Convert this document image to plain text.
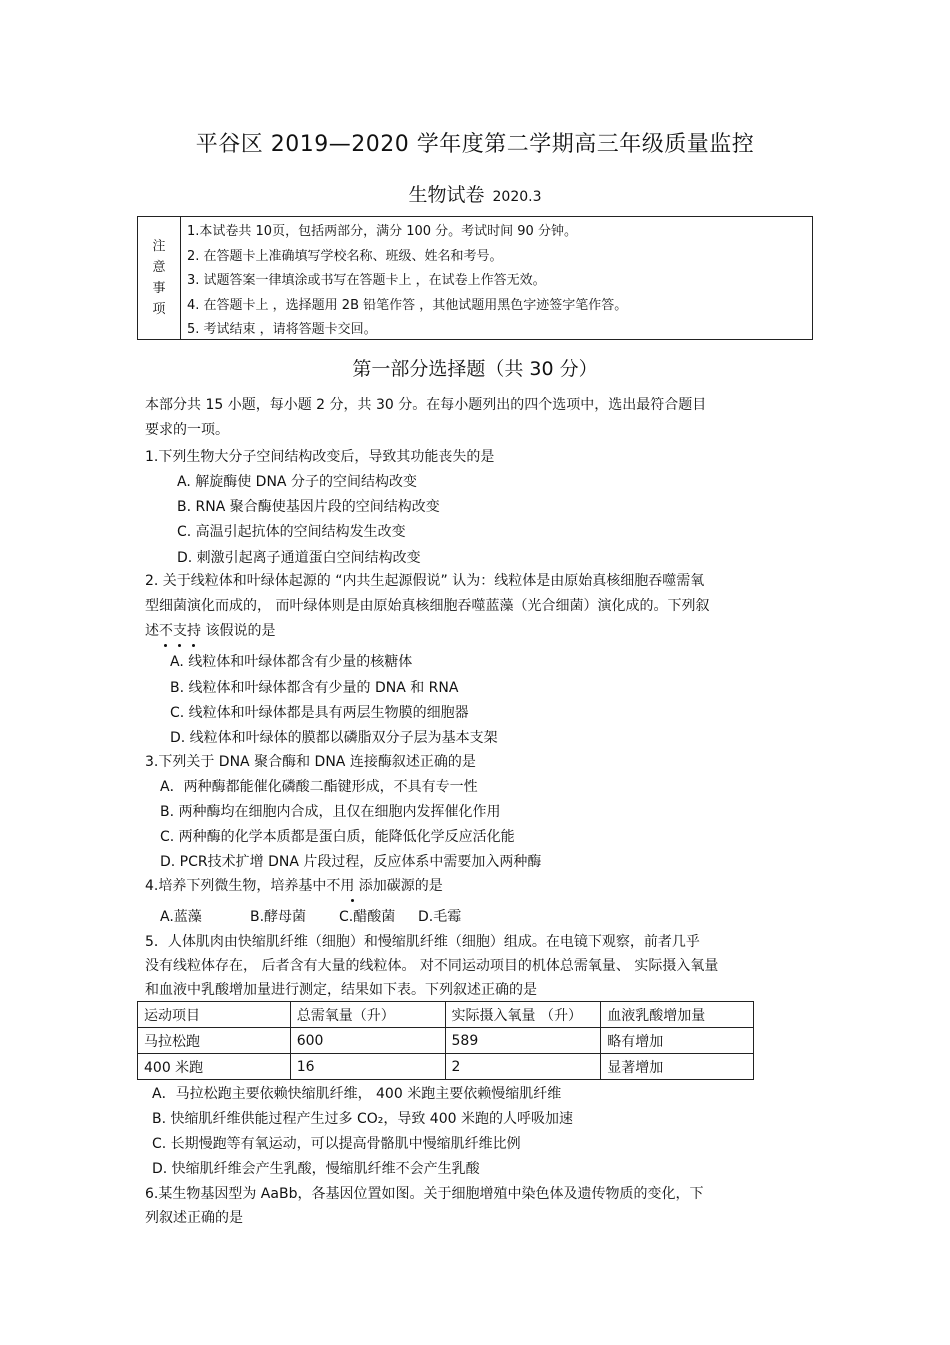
平谷区 2019—2020 学年度第二学期高三年级质量监控
生物试卷 2020.3
注
意
事
项
1.本试卷共 10页，包括两部分，满分 100 分。考试时间 90 分钟。
2. 在答题卡上准确填写学校名称、班级、姓名和考号。
3. 试题答案一律填涂或书写在答题卡上 ，在试卷上作答无效。
4. 在答题卡上 ，选择题用 2B 铅笔作答 ，其他试题用黑色字迹签字笔作答。
5. 考试结束 ，请将答题卡交回。
第一部分选择题（共 30 分）
本部分共 15 小题，每小题 2 分，共 30 分。在每小题列出的四个选项中，选出最符合题目
要求的一项。
1.下列生物大分子空间结构改变后，导致其功能丧失的是
A. 解旋酶使 DNA 分子的空间结构改变
B. RNA 聚合酶使基因片段的空间结构改变
C. 高温引起抗体的空间结构发生改变
D. 刺激引起离子通道蛋白空间结构改变
2. 关于线粒体和叶绿体起源的 “内共生起源假说” 认为：线粒体是由原始真核细胞吞噬需氧
型细菌演化而成的， 而叶绿体则是由原始真核细胞吞噬蓝藻（光合细菌）演化成的。下列叙
述不支持
该假说的是
A. 线粒体和叶绿体都含有少量的核糖体
B. 线粒体和叶绿体都含有少量的 DNA 和 RNA
C. 线粒体和叶绿体都是具有两层生物膜的细胞器
D. 线粒体和叶绿体的膜都以磷脂双分子层为基本支架
3.下列关于 DNA 聚合酶和 DNA 连接酶叙述正确的是
A．两种酶都能催化磷酸二酯键形成，不具有专一性
B. 两种酶均在细胞内合成，且仅在细胞内发挥催化作用
C. 两种酶的化学本质都是蛋白质，能降低化学反应活化能
D. PCR技术扩增 DNA 片段过程，反应体系中需要加入两种酶
4.培养下列微生物，培养基中不用
添加碳源的是
A.蓝藻	B.酵母菌 C.醋酸菌 D.毛霉
5．人体肌肉由快缩肌纤维（细胞）和慢缩肌纤维（细胞）组成。在电镜下观察，前者几乎
没有线粒体存在， 后者含有大量的线粒体。 对不同运动项目的机体总需氧量、 实际摄入氧量
和血液中乳酸增加量进行测定，结果如下表。下列叙述正确的是
运动项目	总需氧量（升）	实际摄入氧量 （升）	血液乳酸增加量
马拉松跑	600	589	略有增加
400 米跑	16	2	显著增加
A．马拉松跑主要依赖快缩肌纤维， 400 米跑主要依赖慢缩肌纤维
B. 快缩肌纤维供能过程产生过多 CO₂，导致 400 米跑的人呼吸加速
C. 长期慢跑等有氧运动，可以提高骨骼肌中慢缩肌纤维比例
D. 快缩肌纤维会产生乳酸，慢缩肌纤维不会产生乳酸
6.某生物基因型为 AaBb，各基因位置如图。关于细胞增殖中染色体及遗传物质的变化，下
列叙述正确的是
